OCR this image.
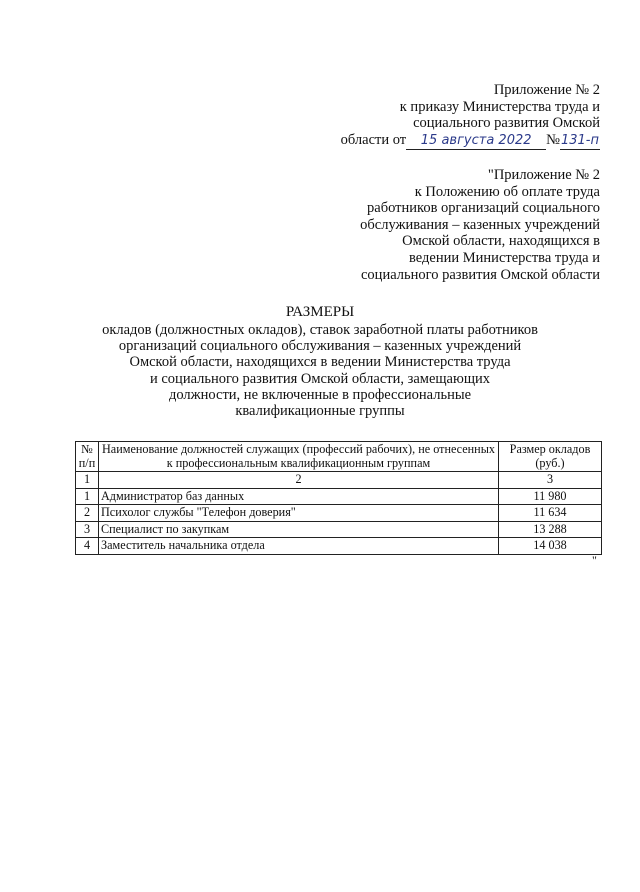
Приложение № 2
к приказу Министерства труда и
социального развития Омской
области от 15 августа 2022 №131-п
"Приложение № 2
к Положению об оплате труда
работников организаций социального
обслуживания – казенных учреждений
Омской области, находящихся в
ведении Министерства труда и
социального развития Омской области
РАЗМЕРЫ
окладов (должностных окладов), ставок заработной платы работников
организаций социального обслуживания – казенных учреждений
Омской области, находящихся в ведении Министерства труда
и социального развития Омской области, замещающих
должности, не включенные в профессиональные
квалификационные группы
№ п/п	Наименование должностей служащих (профессий рабочих), не отнесенных к профессиональным квалификационным группам	Размер окладов (руб.)
1	2	3
1	Администратор баз данных	11 980
2	Психолог службы "Телефон доверия"	11 634
3	Специалист по закупкам	13 288
4	Заместитель начальника отдела	14 038
"
